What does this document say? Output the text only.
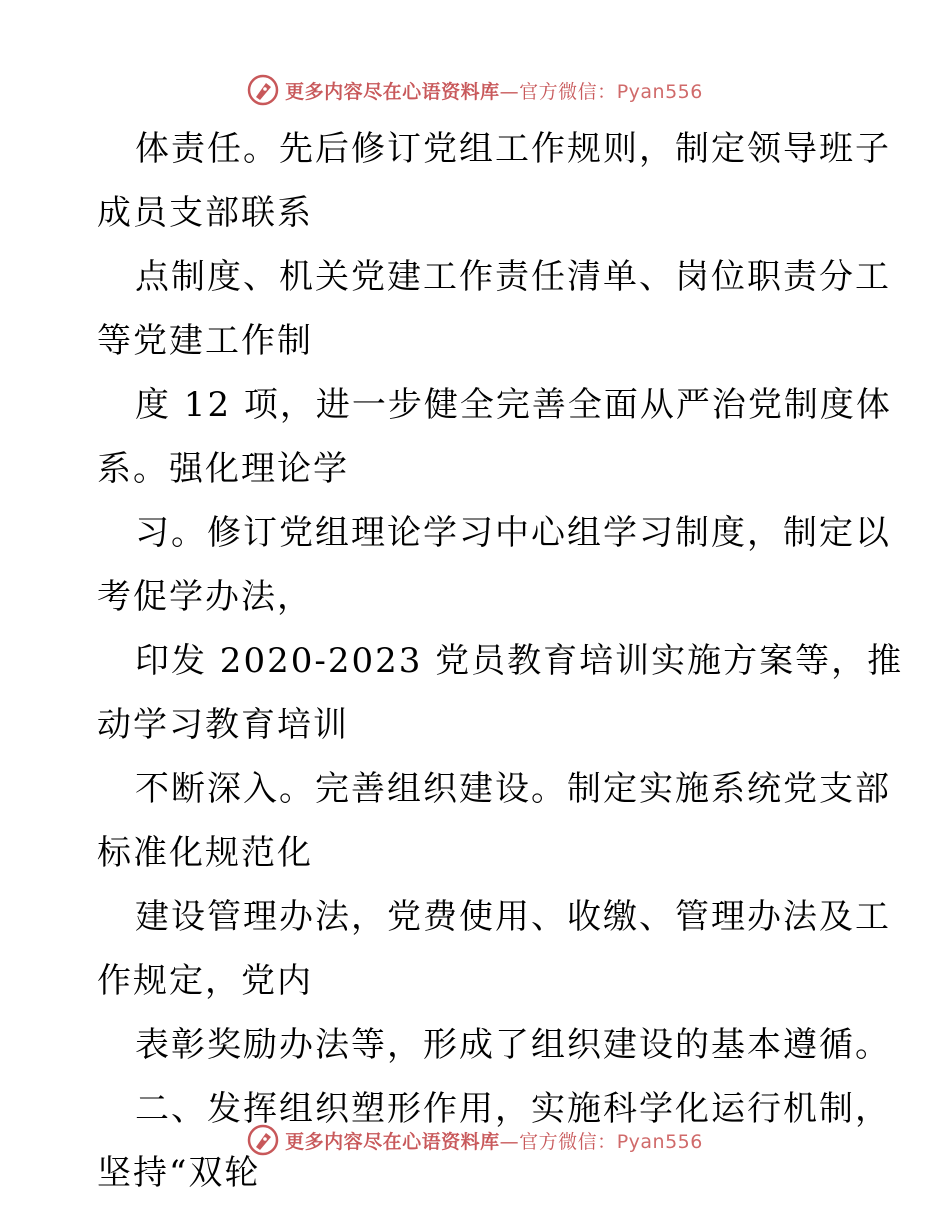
更多内容尽在心语资料库—官方微信：Pyan556
体责任。先后修订党组工作规则，制定领导班子
成员支部联系
点制度、机关党建工作责任清单、岗位职责分工
等党建工作制
度 12 项，进一步健全完善全面从严治党制度体
系。强化理论学
习。修订党组理论学习中心组学习制度，制定以
考促学办法，
印发 2020-2023 党员教育培训实施方案等，推
动学习教育培训
不断深入。完善组织建设。制定实施系统党支部
标准化规范化
建设管理办法，党费使用、收缴、管理办法及工
作规定，党内
表彰奖励办法等，形成了组织建设的基本遵循。
二、发挥组织塑形作用，实施科学化运行机制，
坚持“双轮
更多内容尽在心语资料库—官方微信：Pyan556
